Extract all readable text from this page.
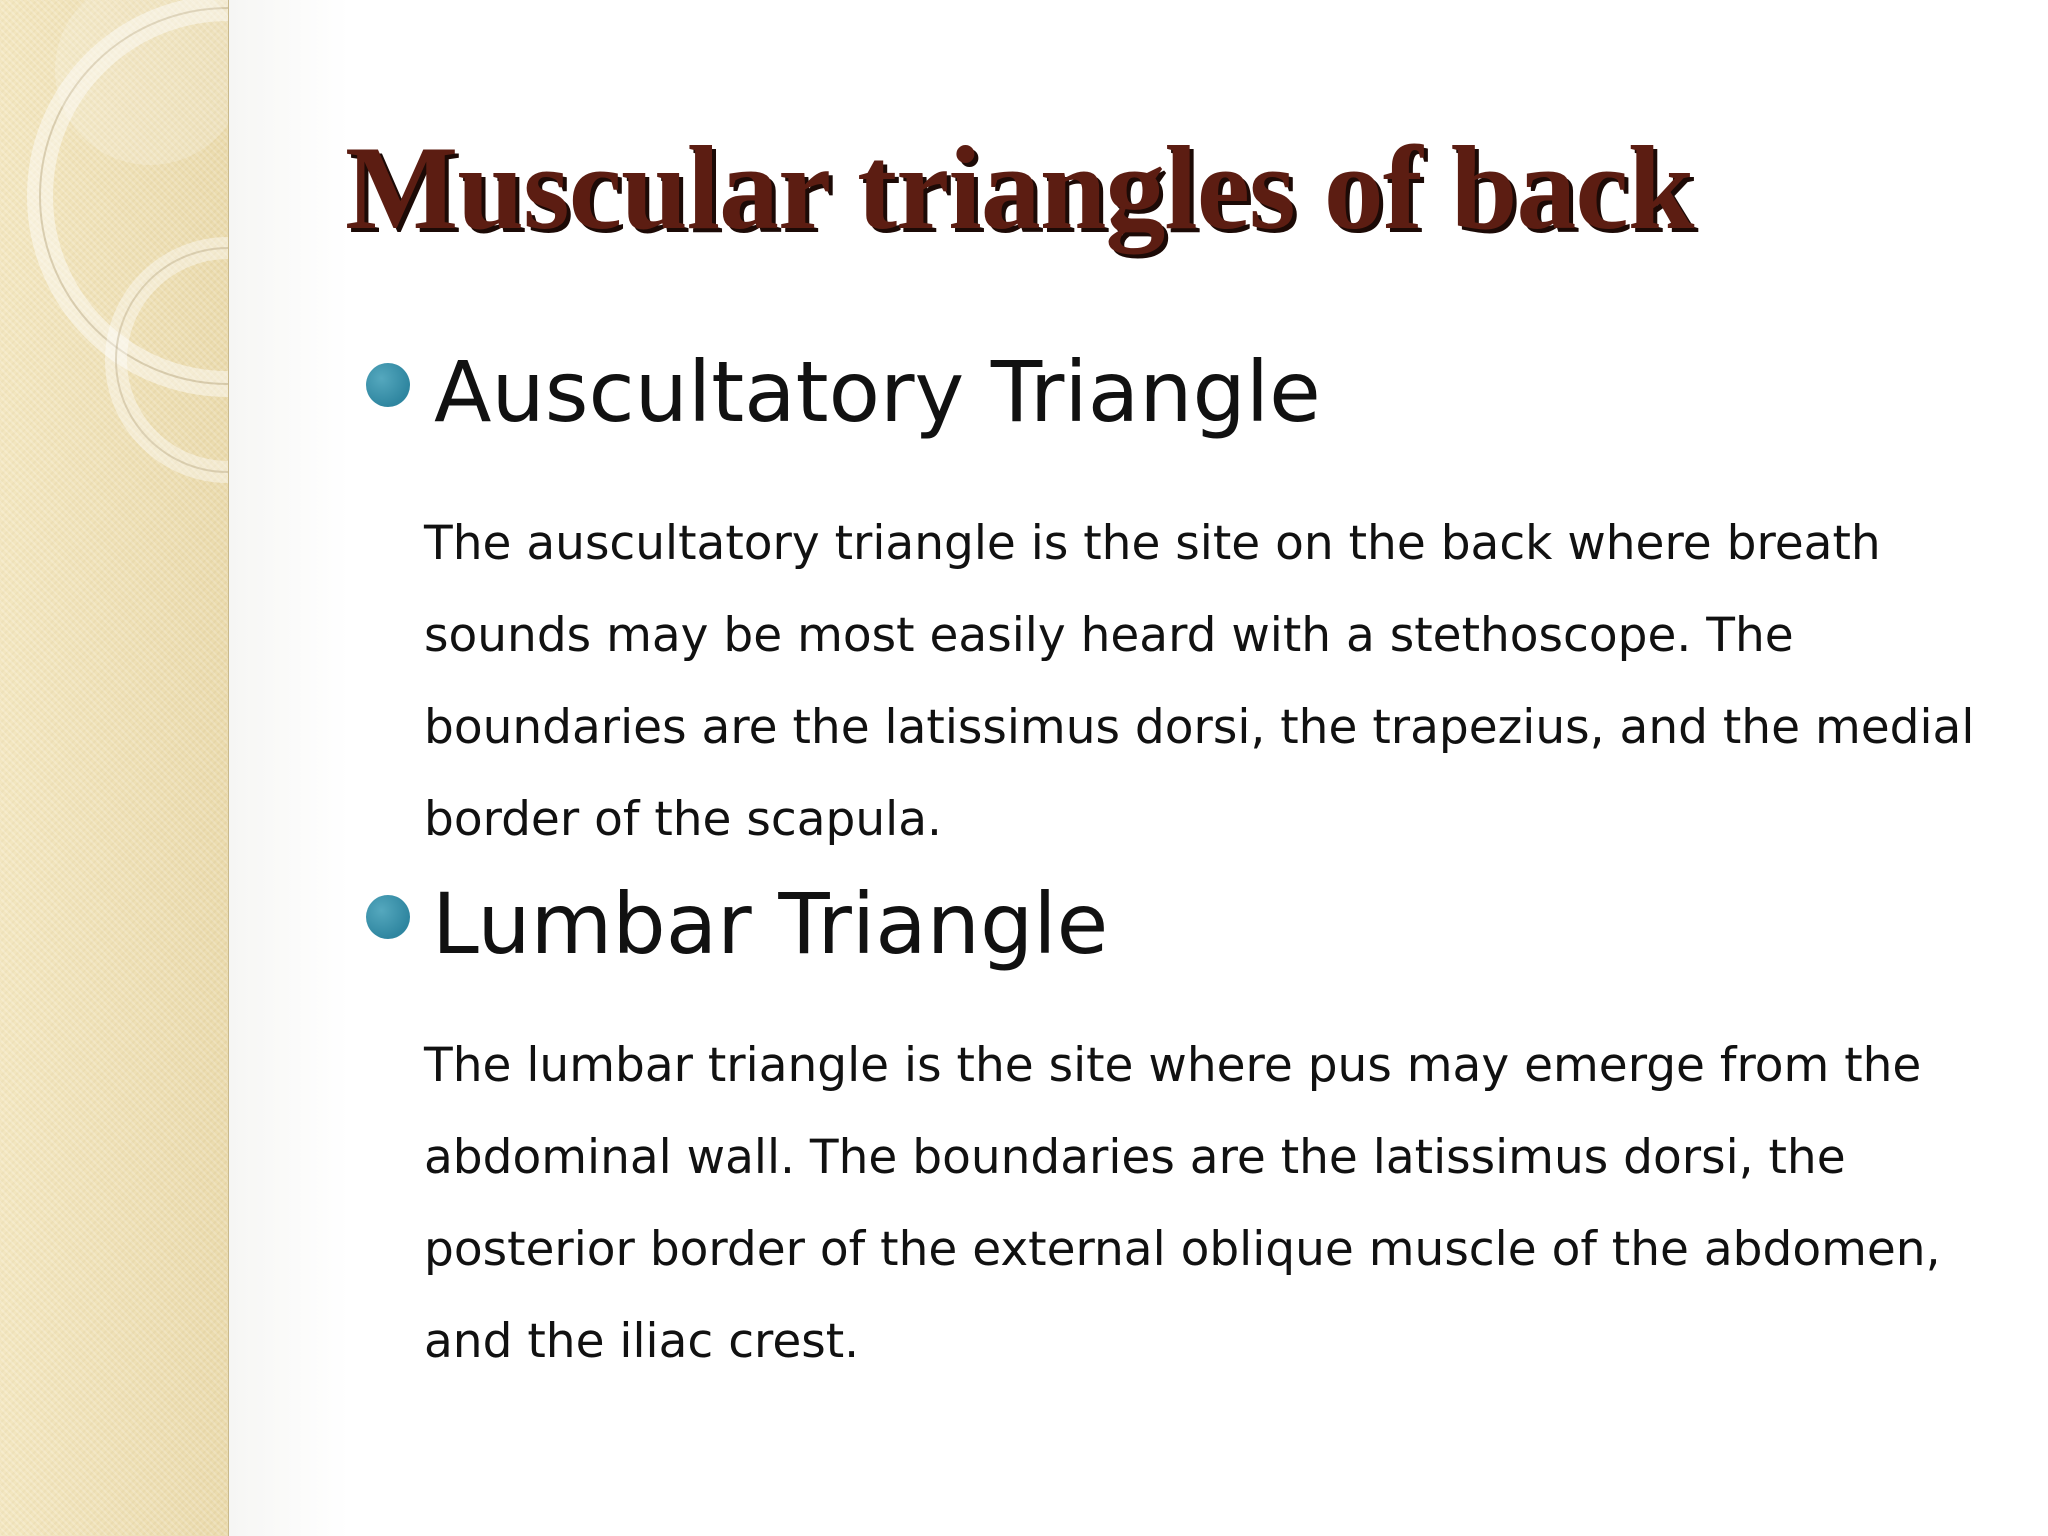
Muscular triangles of back
Auscultatory Triangle

The auscultatory triangle is the site on the back where breath sounds may be most easily heard with a stethoscope. The boundaries are the latissimus dorsi, the trapezius, and the medial border of the scapula.

Lumbar Triangle

The lumbar triangle is the site where pus may emerge from the abdominal wall. The boundaries are the latissimus dorsi, the posterior border of the external oblique muscle of the abdomen, and the iliac crest.
